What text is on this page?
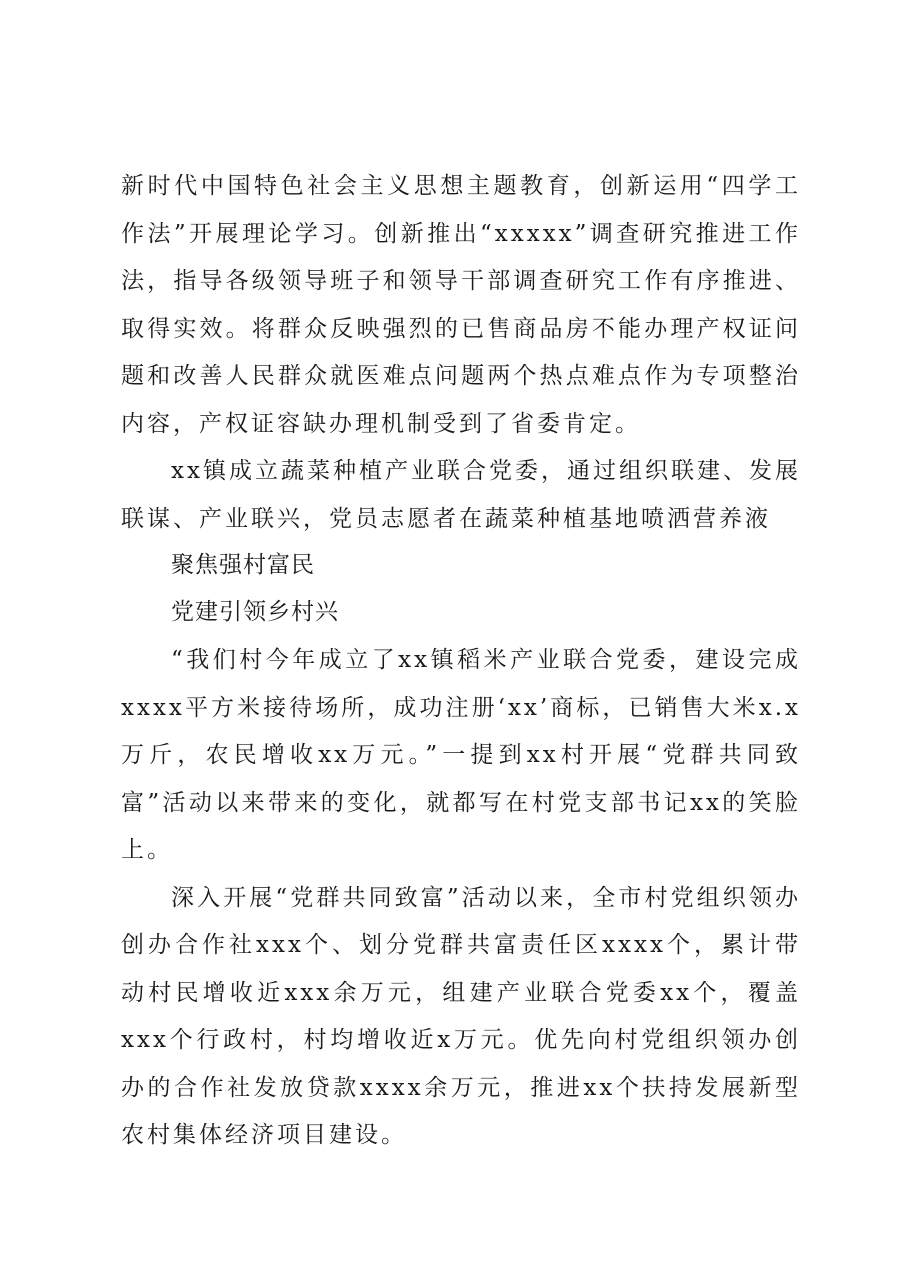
新时代中国特色社会主义思想主题教育，创新运用“四学工作法”开展理论学习。创新推出“xxxxx”调查研究推进工作法，指导各级领导班子和领导干部调查研究工作有序推进、取得实效。将群众反映强烈的已售商品房不能办理产权证问题和改善人民群众就医难点问题两个热点难点作为专项整治内容，产权证容缺办理机制受到了省委肯定。

xx镇成立蔬菜种植产业联合党委，通过组织联建、发展联谋、产业联兴，党员志愿者在蔬菜种植基地喷洒营养液

聚焦强村富民

党建引领乡村兴

“我们村今年成立了xx镇稻米产业联合党委，建设完成xxxx平方米接待场所，成功注册‘xx’商标，已销售大米x.x万斤，农民增收xx万元。”一提到xx村开展“党群共同致富”活动以来带来的变化，就都写在村党支部书记xx的笑脸上。

深入开展“党群共同致富”活动以来，全市村党组织领办创办合作社xxx个、划分党群共富责任区xxxx个，累计带动村民增收近xxx余万元，组建产业联合党委xx个，覆盖xxx个行政村，村均增收近x万元。优先向村党组织领办创办的合作社发放贷款xxxx余万元，推进xx个扶持发展新型农村集体经济项目建设。
